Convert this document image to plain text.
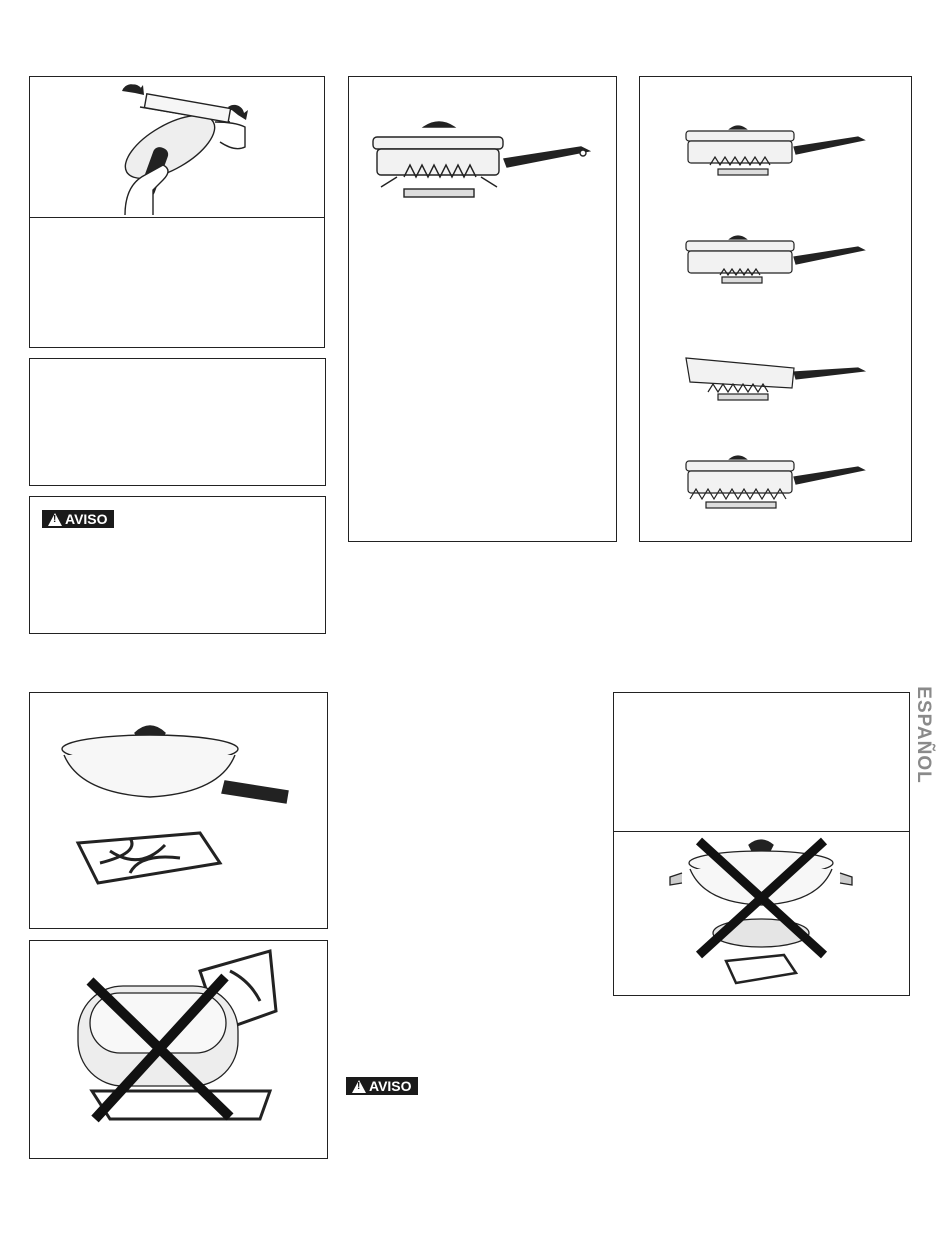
!
AVISO
!
AVISO
ESPAÑOL
